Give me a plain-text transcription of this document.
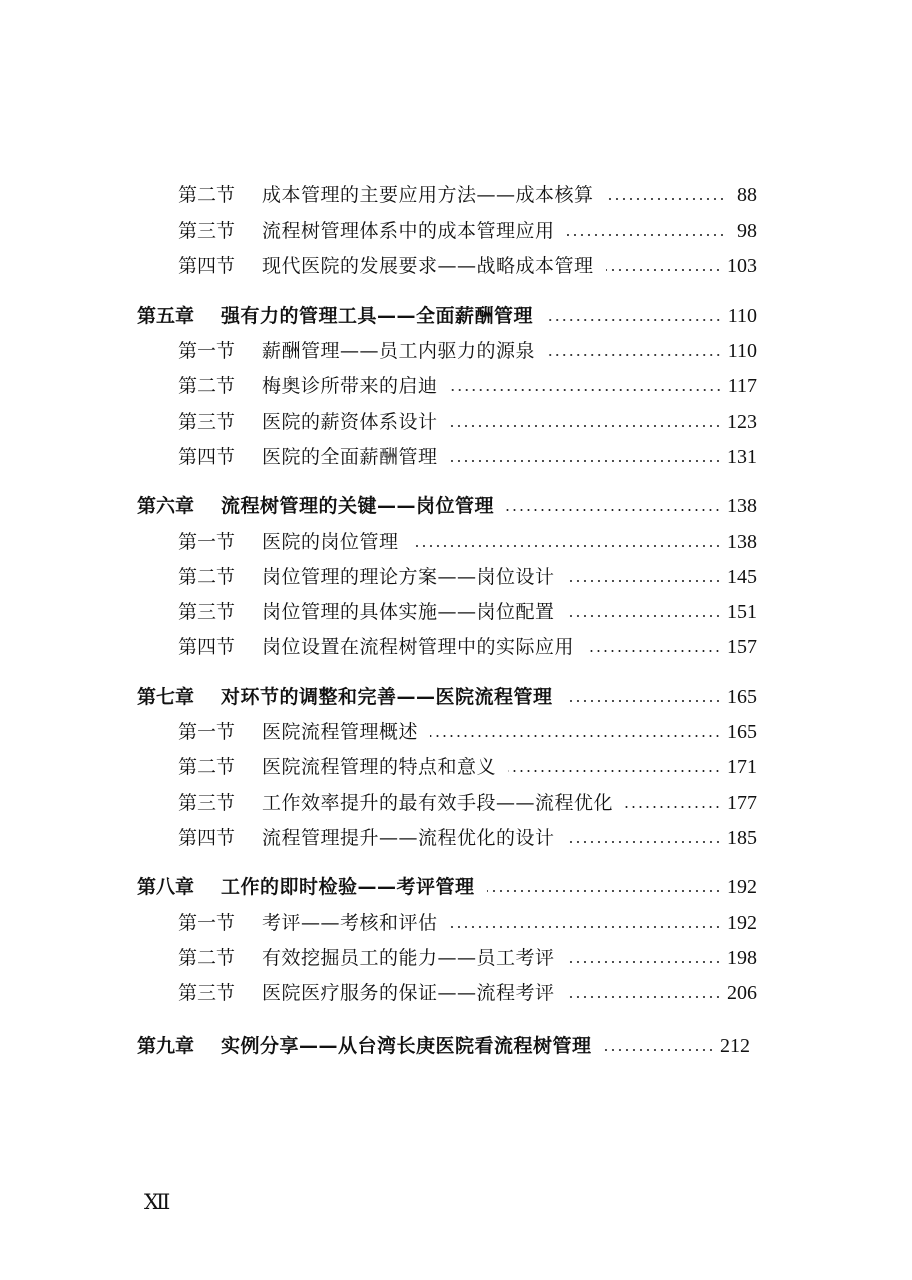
第二节	成本管理的主要应用方法——成本核算	88
第三节	流程树管理体系中的成本管理应用	98
第四节	现代医院的发展要求——战略成本管理	103
第五章	强有力的管理工具——全面薪酬管理	110
第一节	薪酬管理——员工内驱力的源泉	110
第二节	梅奥诊所带来的启迪	117
第三节	医院的薪资体系设计	123
第四节	医院的全面薪酬管理	131
第六章	流程树管理的关键——岗位管理	138
第一节	医院的岗位管理	138
第二节	岗位管理的理论方案——岗位设计	145
第三节	岗位管理的具体实施——岗位配置	151
第四节	岗位设置在流程树管理中的实际应用	157
第七章	对环节的调整和完善——医院流程管理	165
第一节	医院流程管理概述	165
第二节	医院流程管理的特点和意义	171
第三节	工作效率提升的最有效手段——流程优化	177
第四节	流程管理提升——流程优化的设计	185
第八章	工作的即时检验——考评管理	192
第一节	考评——考核和评估	192
第二节	有效挖掘员工的能力——员工考评	198
第三节	医院医疗服务的保证——流程考评	206
第九章	实例分享——从台湾长庚医院看流程树管理	212
Ⅻ
